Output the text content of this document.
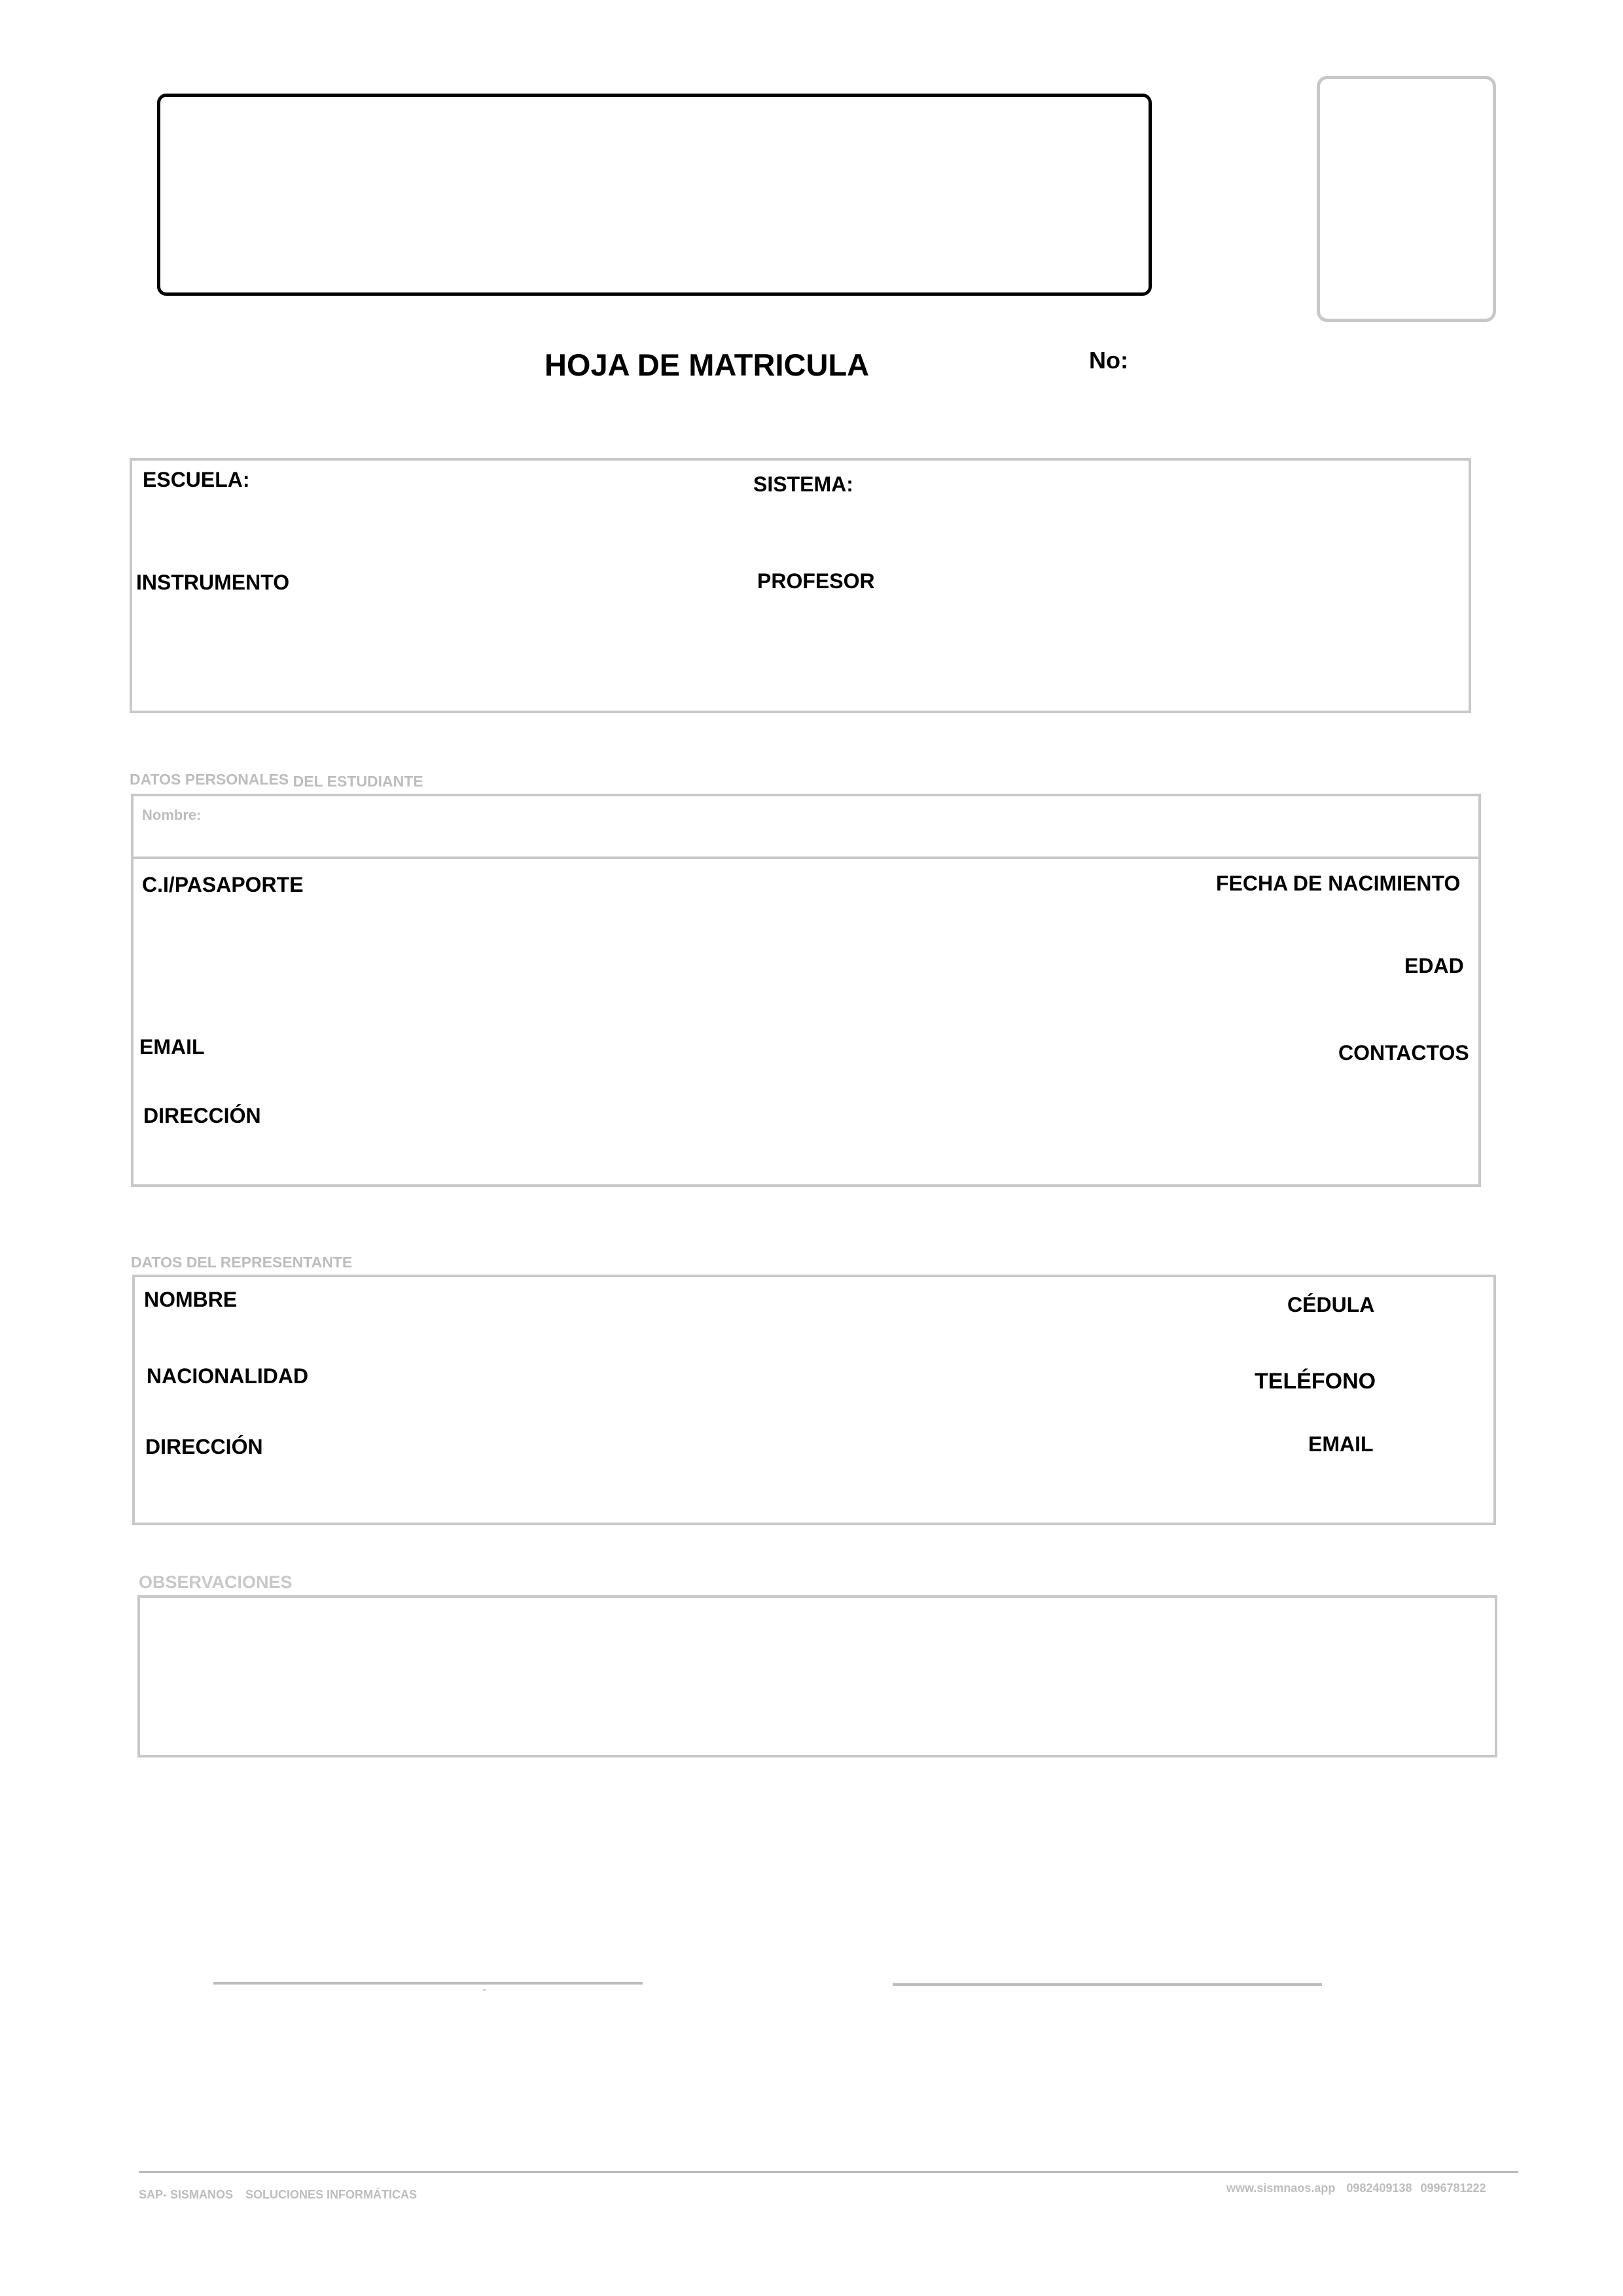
HOJA DE MATRICULA	No:
ESCUELA:	SISTEMA:
INSTRUMENTO	PROFESOR
DATOS PERSONALES DEL ESTUDIANTE
Nombre:
C.I/PASAPORTE	FECHA DE NACIMIENTO
EDAD
EMAIL	CONTACTOS
DIRECCIÓN
DATOS DEL REPRESENTANTE
NOMBRE	CÉDULA
NACIONALIDAD	TELÉFONO
DIRECCIÓN	EMAIL
OBSERVACIONES
-
SAP- SISMANOS SOLUCIONES INFORMÁTICAS	www.sismnaos.app 0982409138 0996781222
